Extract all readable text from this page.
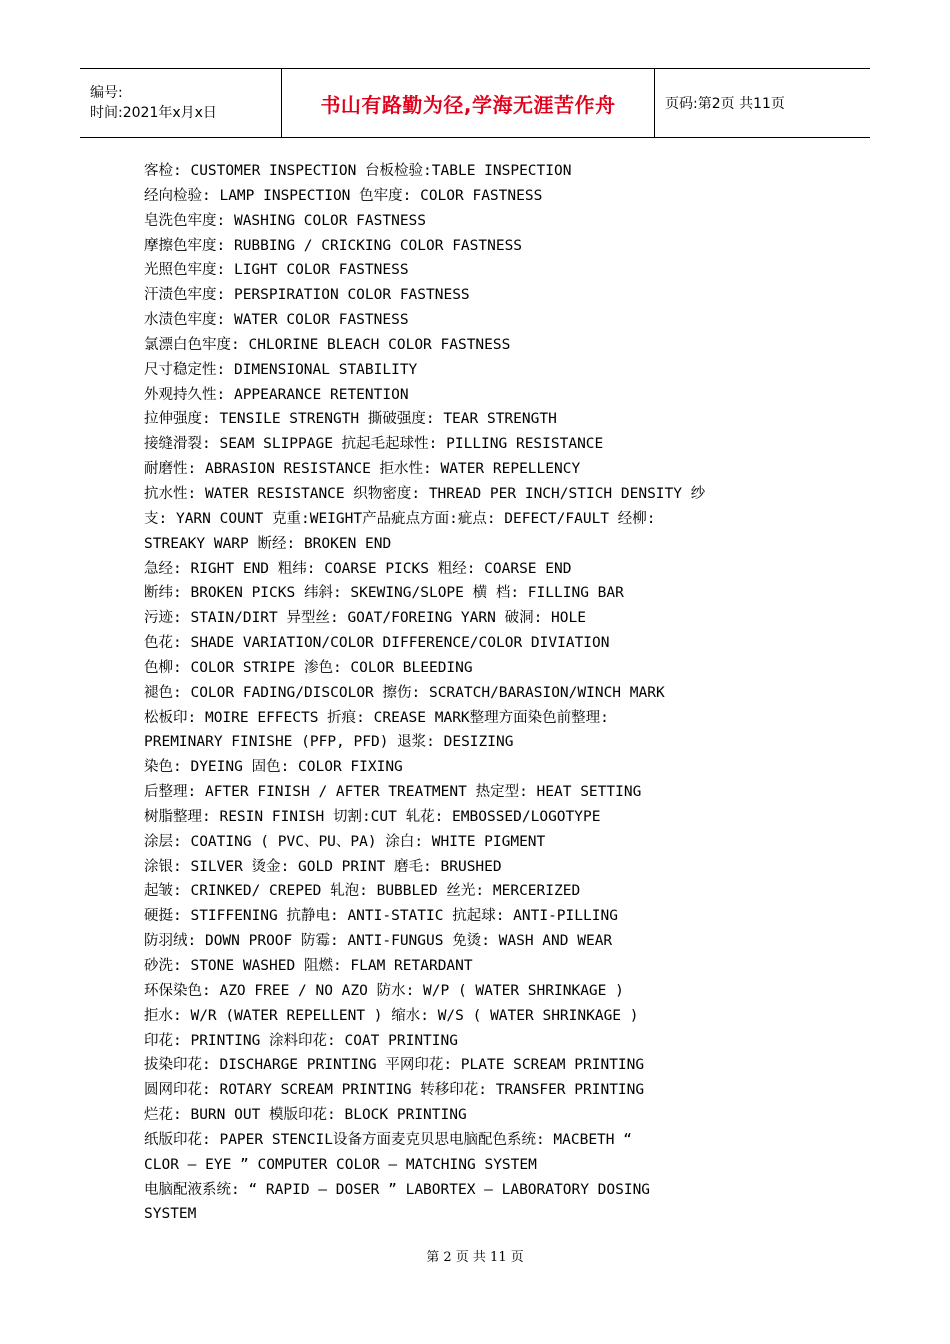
编号:
时间:2021年x月x日	书山有路勤为径,学海无涯苦作舟	页码:第2页 共11页
客检: CUSTOMER INSPECTION 台板检验:TABLE INSPECTION
经向检验: LAMP INSPECTION 色牢度: COLOR FASTNESS
皂洗色牢度: WASHING COLOR FASTNESS
摩擦色牢度: RUBBING / CRICKING COLOR FASTNESS
光照色牢度: LIGHT COLOR FASTNESS
汗渍色牢度: PERSPIRATION COLOR FASTNESS
水渍色牢度: WATER COLOR FASTNESS
氯漂白色牢度: CHLORINE BLEACH COLOR FASTNESS
尺寸稳定性: DIMENSIONAL STABILITY
外观持久性: APPEARANCE RETENTION
拉伸强度: TENSILE STRENGTH 撕破强度: TEAR STRENGTH
接缝滑裂: SEAM SLIPPAGE 抗起毛起球性: PILLING RESISTANCE
耐磨性: ABRASION RESISTANCE 拒水性: WATER REPELLENCY
抗水性: WATER RESISTANCE 织物密度: THREAD PER INCH/STICH DENSITY 纱
支: YARN COUNT 克重:WEIGHT产品疵点方面:疵点: DEFECT/FAULT 经柳:
STREAKY WARP 断经: BROKEN END
急经: RIGHT END 粗纬: COARSE PICKS 粗经: COARSE END
断纬: BROKEN PICKS 纬斜: SKEWING/SLOPE 横 档: FILLING BAR
污迹: STAIN/DIRT 异型丝: GOAT/FOREING YARN 破洞: HOLE
色花: SHADE VARIATION/COLOR DIFFERENCE/COLOR DIVIATION
色柳: COLOR STRIPE 渗色: COLOR BLEEDING
褪色: COLOR FADING/DISCOLOR 擦伤: SCRATCH/BARASION/WINCH MARK
松板印: MOIRE EFFECTS 折痕: CREASE MARK整理方面染色前整理:
PREMINARY FINISHE (PFP, PFD) 退浆: DESIZING
染色: DYEING 固色: COLOR FIXING
后整理: AFTER FINISH / AFTER TREATMENT 热定型: HEAT SETTING
树脂整理: RESIN FINISH 切割:CUT 轧花: EMBOSSED/LOGOTYPE
涂层: COATING ( PVC、PU、PA) 涂白: WHITE PIGMENT
涂银: SILVER 烫金: GOLD PRINT 磨毛: BRUSHED
起皱: CRINKED/ CREPED 轧泡: BUBBLED 丝光: MERCERIZED
硬挺: STIFFENING 抗静电: ANTI-STATIC 抗起球: ANTI-PILLING
防羽绒: DOWN PROOF 防霉: ANTI-FUNGUS 免烫: WASH AND WEAR
砂洗: STONE WASHED 阻燃: FLAM RETARDANT
环保染色: AZO FREE / NO AZO 防水: W/P ( WATER SHRINKAGE )
拒水: W/R (WATER REPELLENT ) 缩水: W/S ( WATER SHRINKAGE )
印花: PRINTING 涂料印花: COAT PRINTING
拔染印花: DISCHARGE PRINTING 平网印花: PLATE SCREAM PRINTING
圆网印花: ROTARY SCREAM PRINTING 转移印花: TRANSFER PRINTING
烂花: BURN OUT 模版印花: BLOCK PRINTING
纸版印花: PAPER STENCIL设备方面麦克贝思电脑配色系统: MACBETH “
CLOR – EYE ” COMPUTER COLOR – MATCHING SYSTEM
电脑配液系统: “ RAPID – DOSER ” LABORTEX – LABORATORY DOSING
SYSTEM
第 2 页 共 11 页
